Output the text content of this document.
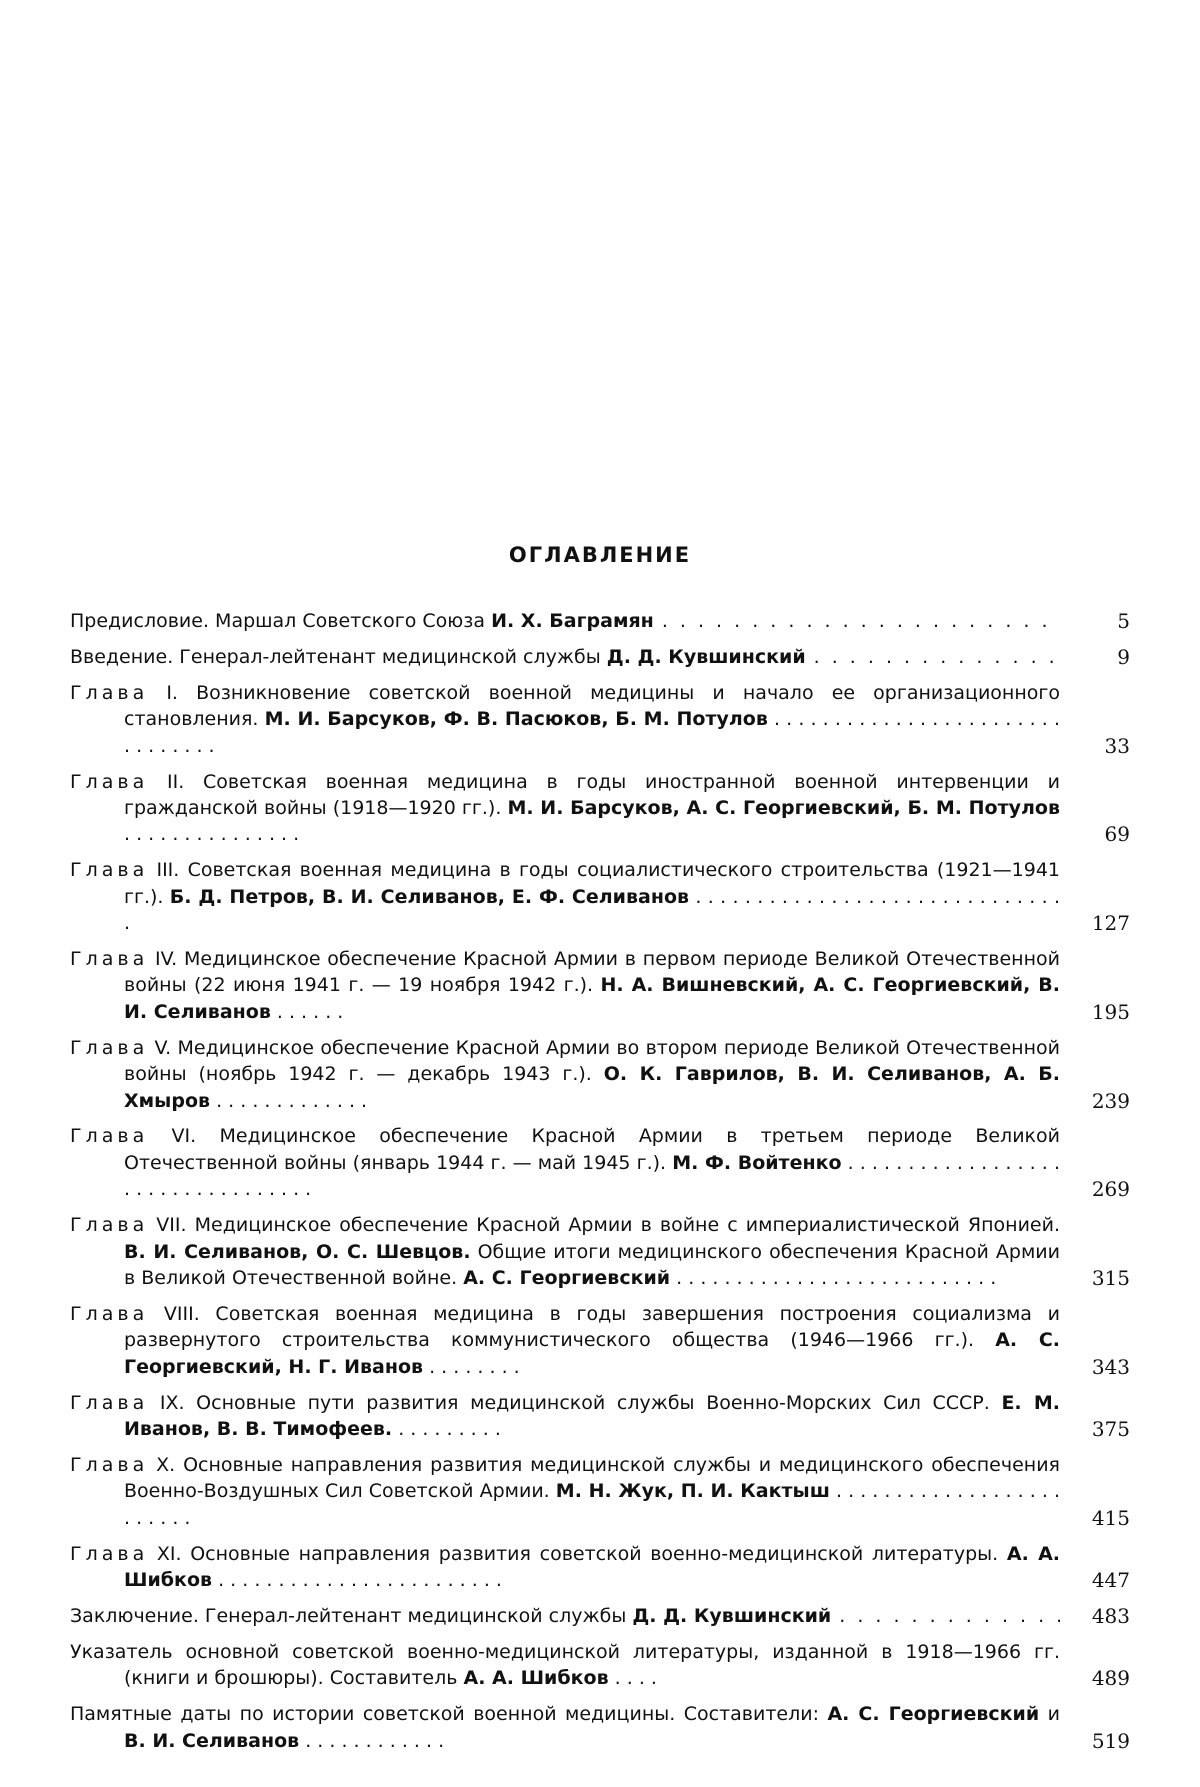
ОГЛАВЛЕНИЕ
Предисловие. Маршал Советского Союза И. Х. Баграмян . . .	5
Введение. Генерал-лейтенант медицинской службы Д. Д. Кувшинский . . .	9

Глава I. Возникновение советской военной медицины и начало ее организационного становления. М. И. Барсуков, Ф. В. Пасюков, Б. М. Потулов . . . . . . . . . . . . . . . . . . . . . . . . . . . . . . . .	33

Глава II. Советская военная медицина в годы иностранной военной интервенции и гражданской войны (1918—1920 гг.). М. И. Барсуков, А. С. Георгиевский, Б. М. Потулов . . . . . . . . . . . . . . .	69

Глава III. Советская военная медицина в годы социалистического строительства (1921—1941 гг.). Б. Д. Петров, В. И. Селиванов, Е. Ф. Селиванов . . . . . . . . . . . . . . . . . . . . . . . . . . . . . . .	127

Глава IV. Медицинское обеспечение Красной Армии в первом периоде Великой Отечественной войны (22 июня 1941 г. — 19 ноября 1942 г.). Н. А. Вишневский, А. С. Георгиевский, В. И. Селиванов . . . . . .	195

Глава V. Медицинское обеспечение Красной Армии во втором периоде Великой Отечественной войны (ноябрь 1942 г. — декабрь 1943 г.). О. К. Гаврилов, В. И. Селиванов, А. Б. Хмыров . . . . . . . . . . . . .	239

Глава VI. Медицинское обеспечение Красной Армии в третьем периоде Великой Отечественной войны (январь 1944 г. — май 1945 г.). М. Ф. Войтенко . . . . . . . . . . . . . . . . . . . . . . . . . . . . . . . . . .	269

Глава VII. Медицинское обеспечение Красной Армии в войне с империалистической Японией. В. И. Селиванов, О. С. Шевцов. Общие итоги медицинского обеспечения Красной Армии в Великой Отечественной войне. А. С. Георгиевский . . . . . . . . . . . . . . . . . . . . . . . . . . .	315

Глава VIII. Советская военная медицина в годы завершения построения социализма и развернутого строительства коммунистического общества (1946—1966 гг.). А. С. Георгиевский, Н. Г. Иванов . . . . . . . .	343

Глава IX. Основные пути развития медицинской службы Военно-Морских Сил СССР. Е. М. Иванов, В. В. Тимофеев. . . . . . . . . .	375

Глава X. Основные направления развития медицинской службы и медицинского обеспечения Военно-Воздушных Сил Советской Армии. М. Н. Жук, П. И. Кактыш . . . . . . . . . . . . . . . . . . . . . . . . .	415

Глава XI. Основные направления развития советской военно-медицинской литературы. А. А. Шибков . . . . . . . . . . . . . . . . . . . . . . . .	447
Заключение. Генерал-лейтенант медицинской службы Д. Д. Кувшинский . . .	483

Указатель основной советской военно-медицинской литературы, изданной в 1918—1966 гг. (книги и брошюры). Составитель А. А. Шибков . . . .	489

Памятные даты по истории советской военной медицины. Составители: А. С. Георгиевский и В. И. Селиванов . . . . . . . . . . . .	519
